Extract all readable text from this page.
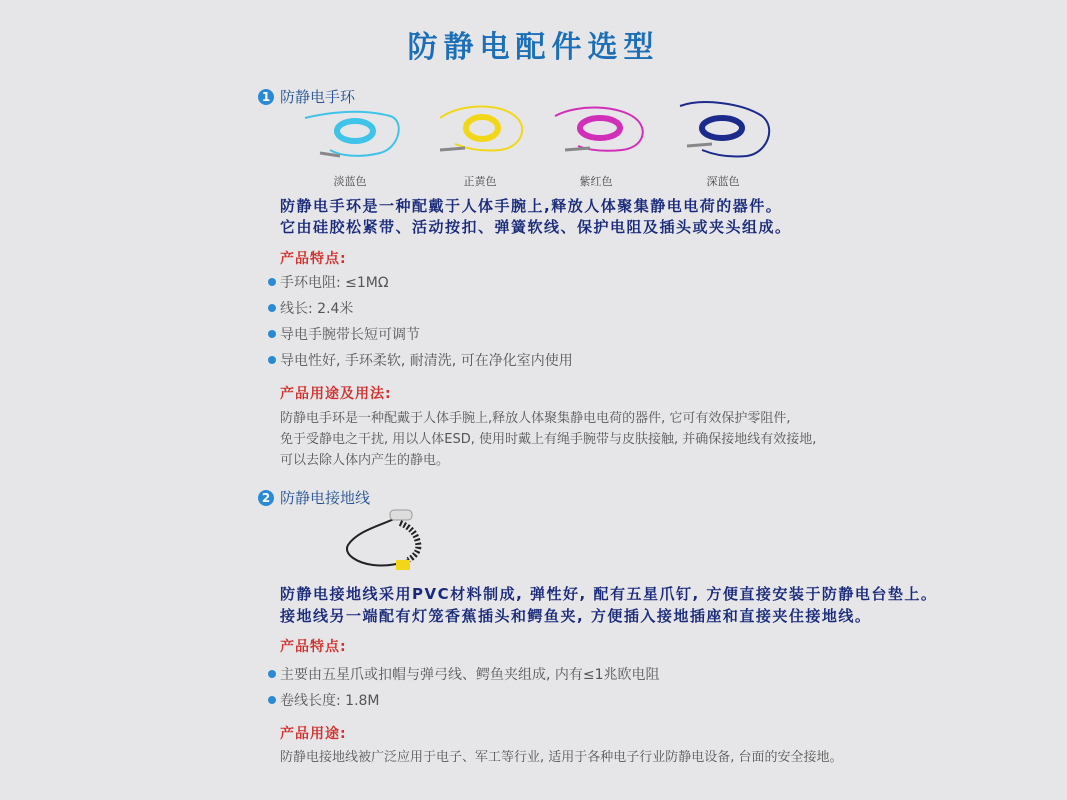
防静电配件选型
1 防静电手环
淡蓝色	正黄色	紫红色	深蓝色
防静电手环是一种配戴于人体手腕上,释放人体聚集静电电荷的器件。
它由硅胶松紧带、活动按扣、弹簧软线、保护电阻及插头或夹头组成。
产品特点:
手环电阻: ≤1MΩ
线长: 2.4米
导电手腕带长短可调节
导电性好, 手环柔软, 耐清洗, 可在净化室内使用
产品用途及用法:
防静电手环是一种配戴于人体手腕上,释放人体聚集静电电荷的器件, 它可有效保护零阻件,
免于受静电之干扰, 用以人体ESD, 使用时戴上有绳手腕带与皮肤接触, 并确保接地线有效接地,
可以去除人体内产生的静电。
2 防静电接地线
防静电接地线采用PVC材料制成, 弹性好, 配有五星爪钉, 方便直接安装于防静电台垫上。
接地线另一端配有灯笼香蕉插头和鳄鱼夹, 方便插入接地插座和直接夹住接地线。
产品特点:
主要由五星爪或扣帽与弹弓线、鳄鱼夹组成, 内有≤1兆欧电阻
卷线长度: 1.8M
产品用途:
防静电接地线被广泛应用于电子、军工等行业, 适用于各种电子行业防静电设备, 台面的安全接地。
